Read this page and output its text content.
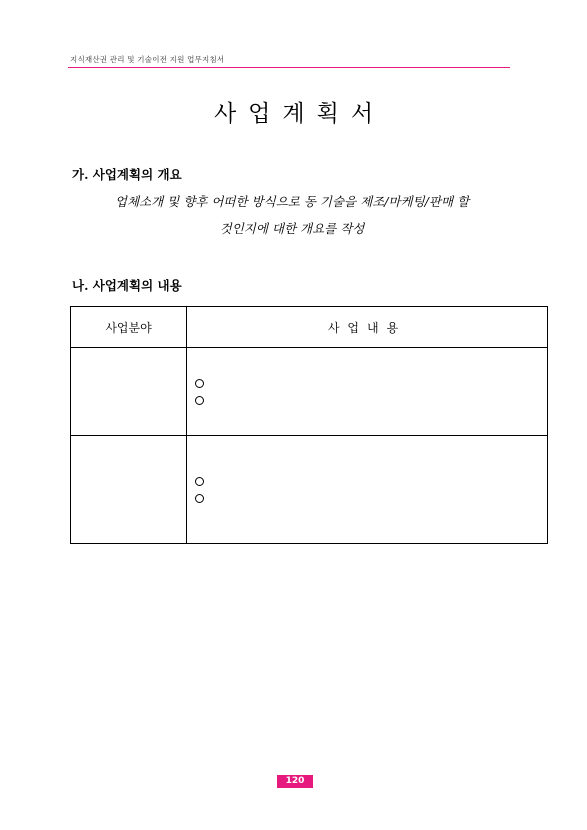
지식재산권 관리 및 기술이전 지원 업무지침서
사업계획서
가. 사업계획의 개요
업체소개 및 향후 어떠한 방식으로 동 기술을 제조/마케팅/판매 할
것인지에 대한 개요를 작성
나. 사업계획의 내용
사업분야	사업내용

120
